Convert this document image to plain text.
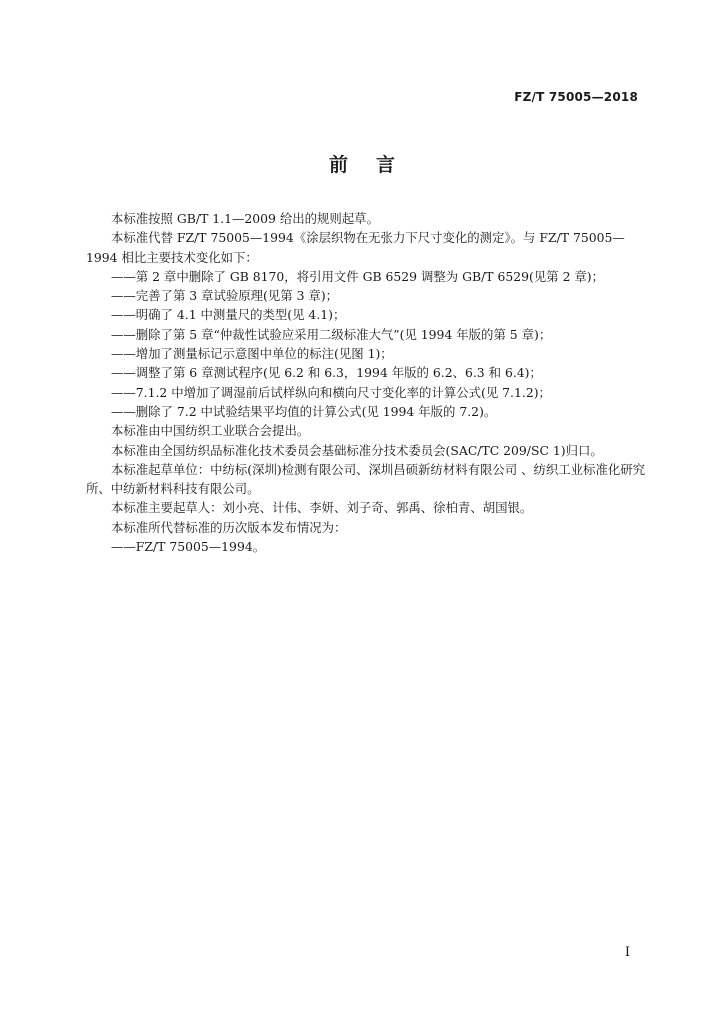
FZ/T 75005—2018
前言

本标准按照 GB/T 1.1—2009 给出的规则起草。

本标准代替 FZ/T 75005—1994《涂层织物在无张力下尺寸变化的测定》。与 FZ/T 75005—1994 相比主要技术变化如下：

——第 2 章中删除了 GB 8170，将引用文件 GB 6529 调整为 GB/T 6529(见第 2 章)；
——完善了第 3 章试验原理(见第 3 章)；
——明确了 4.1 中测量尺的类型(见 4.1)；
——删除了第 5 章“仲裁性试验应采用二级标准大气”(见 1994 年版的第 5 章)；
——增加了测量标记示意图中单位的标注(见图 1)；
——调整了第 6 章测试程序(见 6.2 和 6.3，1994 年版的 6.2、6.3 和 6.4)；
——7.1.2 中增加了调湿前后试样纵向和横向尺寸变化率的计算公式(见 7.1.2)；
——删除了 7.2 中试验结果平均值的计算公式(见 1994 年版的 7.2)。

本标准由中国纺织工业联合会提出。

本标准由全国纺织品标准化技术委员会基础标准分技术委员会(SAC/TC 209/SC 1)归口。

本标准起草单位：中纺标(深圳)检测有限公司、深圳昌硕新纺材料有限公司 、纺织工业标准化研究所、中纺新材料科技有限公司。

本标准主要起草人：刘小亮、计伟、李妍、刘子奇、郭禹、徐柏青、胡国银。

本标准所代替标准的历次版本发布情况为：

——FZ/T 75005—1994。
I
